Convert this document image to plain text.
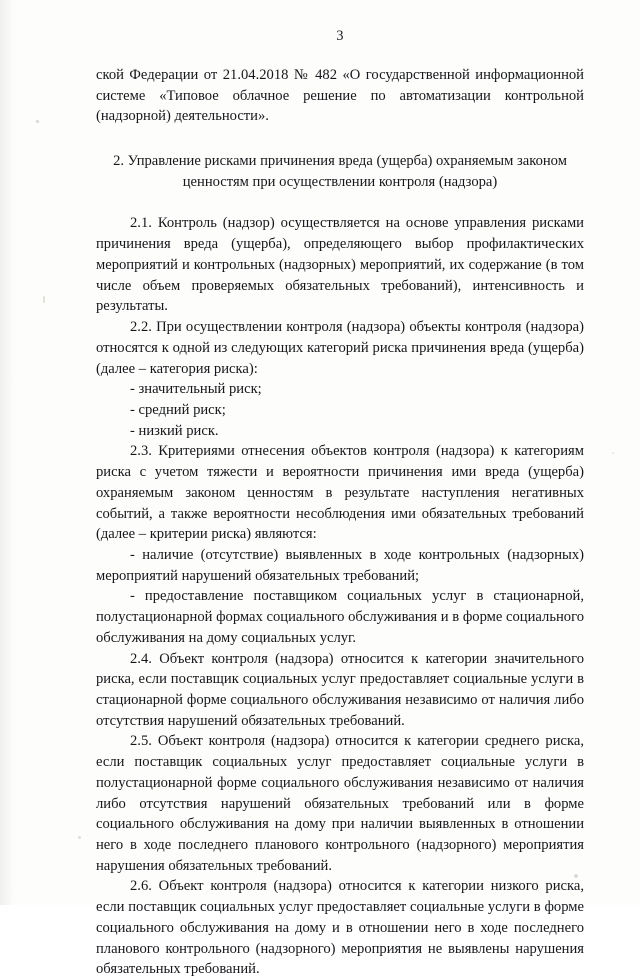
3

ской Федерации от 21.04.2018 № 482 «О государственной информационной системе «Типовое облачное решение по автоматизации контрольной (надзорной) деятельности».

2. Управление рисками причинения вреда (ущерба) охраняемым законом ценностям при осуществлении контроля (надзора)

2.1. Контроль (надзор) осуществляется на основе управления рисками причинения вреда (ущерба), определяющего выбор профилактических мероприятий и контрольных (надзорных) мероприятий, их содержание (в том числе объем проверяемых обязательных требований), интенсивность и результаты.

2.2. При осуществлении контроля (надзора) объекты контроля (надзора) относятся к одной из следующих категорий риска причинения вреда (ущерба) (далее – категория риска):

- значительный риск;

- средний риск;

- низкий риск.

2.3. Критериями отнесения объектов контроля (надзора) к категориям риска с учетом тяжести и вероятности причинения ими вреда (ущерба) охраняемым законом ценностям в результате наступления негативных событий, а также вероятности несоблюдения ими обязательных требований (далее – критерии риска) являются:

- наличие (отсутствие) выявленных в ходе контрольных (надзорных) мероприятий нарушений обязательных требований;

- предоставление поставщиком социальных услуг в стационарной, полустационарной формах социального обслуживания и в форме социального обслуживания на дому социальных услуг.

2.4. Объект контроля (надзора) относится к категории значительного риска, если поставщик социальных услуг предоставляет социальные услуги в стационарной форме социального обслуживания независимо от наличия либо отсутствия нарушений обязательных требований.

2.5. Объект контроля (надзора) относится к категории среднего риска, если поставщик социальных услуг предоставляет социальные услуги в полустационарной форме социального обслуживания независимо от наличия либо отсутствия нарушений обязательных требований или в форме социального обслуживания на дому при наличии выявленных в отношении него в ходе последнего планового контрольного (надзорного) мероприятия нарушения обязательных требований.

2.6. Объект контроля (надзора) относится к категории низкого риска, если поставщик социальных услуг предоставляет социальные услуги в форме социального обслуживания на дому и в отношении него в ходе последнего планового контрольного (надзорного) мероприятия не выявлены нарушения обязательных требований.
